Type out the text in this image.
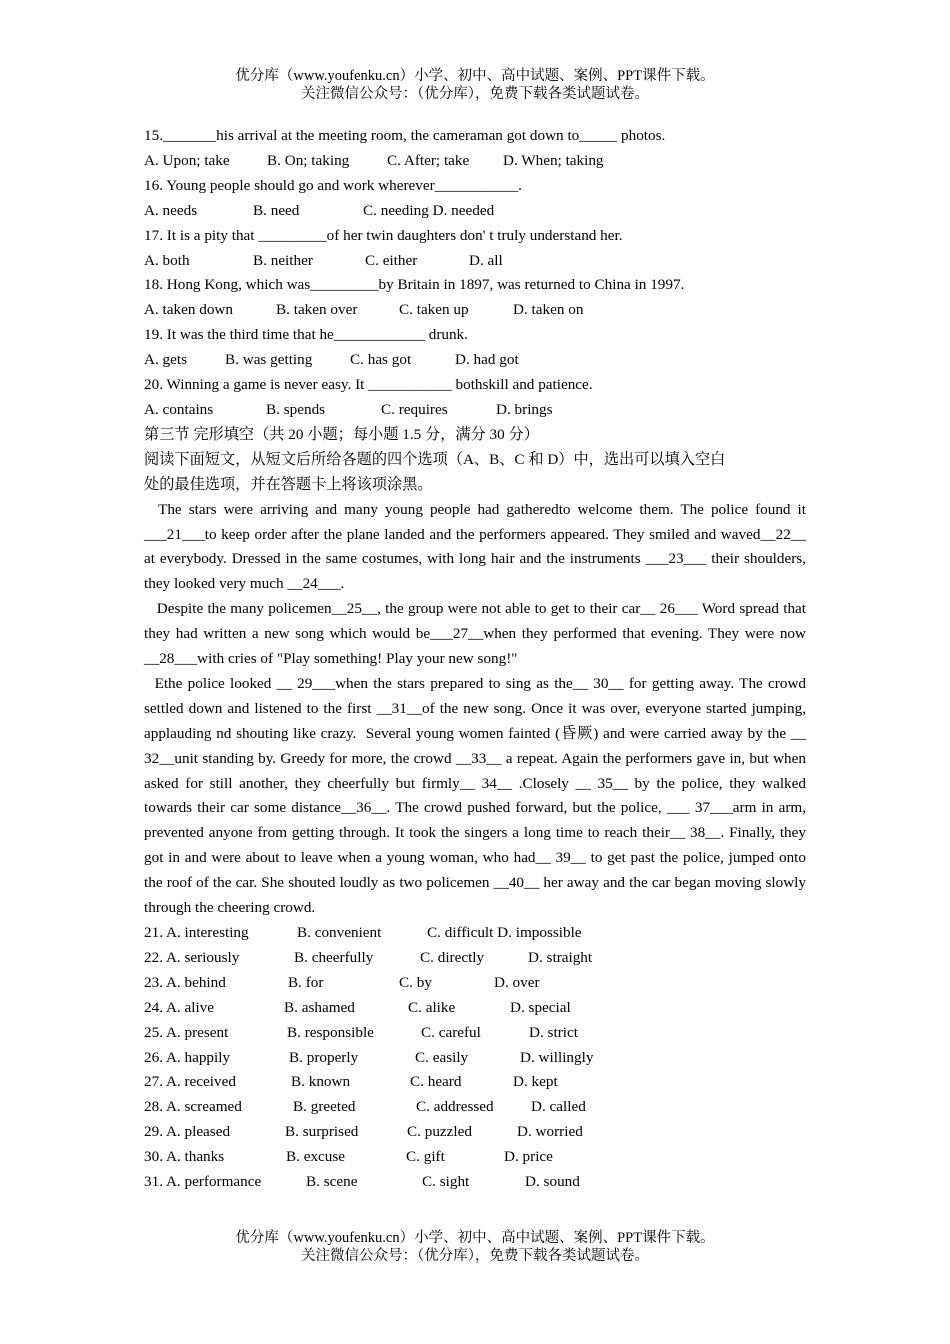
优分库（www.youfenku.cn）小学、初中、高中试题、案例、PPT课件下载。
关注微信公众号：（优分库），免费下载各类试题试卷。
15._______his arrival at the meeting room, the cameraman got down to_____ photos.
A. Upon; take B. On; taking C. After; take D. When; taking
16. Young people should go and work wherever___________.
A. needs	B. need	C. needing D. needed
17. It is a pity that _________of her twin daughters don' t truly understand her.
A. both	B. neither	C. either	D. all
18. Hong Kong, which was_________by Britain in 1897, was returned to China in 1997.
A. taken down	B. taken over	C. taken up	D. taken on
19. It was the third time that he____________ drunk.
A. gets B. was getting C. has got	D. had got
20. Winning a game is never easy. It ___________ bothskill and patience.
A. contains	B. spends	C. requires	D. brings
第三节 完形填空（共 20 小题；每小题 1.5 分，满分 30 分）
阅读下面短文，从短文后所给各题的四个选项（A、B、C 和 D）中，选出可以填入空白
处的最佳选项，并在答题卡上将该项涂黑。
The stars were arriving and many young people had gatheredto welcome them. The police found it ___21___to keep order after the plane landed and the performers appeared. They smiled and waved__22__ at everybody. Dressed in the same costumes, with long hair and the instruments ___23___ their shoulders, they looked very much __24___.
Despite the many policemen__25__, the group were not able to get to their car__ 26___ Word spread that they had written a new song which would be___27__when they performed that evening. They were now __28___with cries of "Play something! Play your new song!"
Ethe police looked __ 29___when the stars prepared to sing as the__ 30__ for getting away. The crowd settled down and listened to the first __31__of the new song. Once it was over, everyone started jumping, applauding nd shouting like crazy.  Several young women fainted (昏厥) and were carried away by the __ 32__unit standing by. Greedy for more, the crowd __33__ a repeat. Again the performers gave in, but when asked for still another, they cheerfully but firmly__ 34__ .Closely __ 35__ by the police, they walked towards their car some distance__36__. The crowd pushed forward, but the police, ___ 37___arm in arm, prevented anyone from getting through. It took the singers a long time to reach their__ 38__. Finally, they got in and were about to leave when a young woman, who had__ 39__ to get past the police, jumped onto the roof of the car. She shouted loudly as two policemen __40__ her away and the car began moving slowly through the cheering crowd.
21. A. interesting	B. convenient	C. difficult D. impossible
22. A. seriously	B. cheerfully	C. directly	D. straight
23. A. behind	B. for	C. by	D. over
24. A. alive	B. ashamed	C. alike	D. special
25. A. present	B. responsible	C. careful	D. strict
26. A. happily	B. properly	C. easily	D. willingly
27. A. received	B. known	C. heard	D. kept
28. A. screamed	B. greeted	C. addressed D. called
29. A. pleased	B. surprised	C. puzzled	D. worried
30. A. thanks	B. excuse	C. gift	D. price
31. A. performance	B. scene	C. sight	D. sound
优分库（www.youfenku.cn）小学、初中、高中试题、案例、PPT课件下载。
关注微信公众号：（优分库），免费下载各类试题试卷。
